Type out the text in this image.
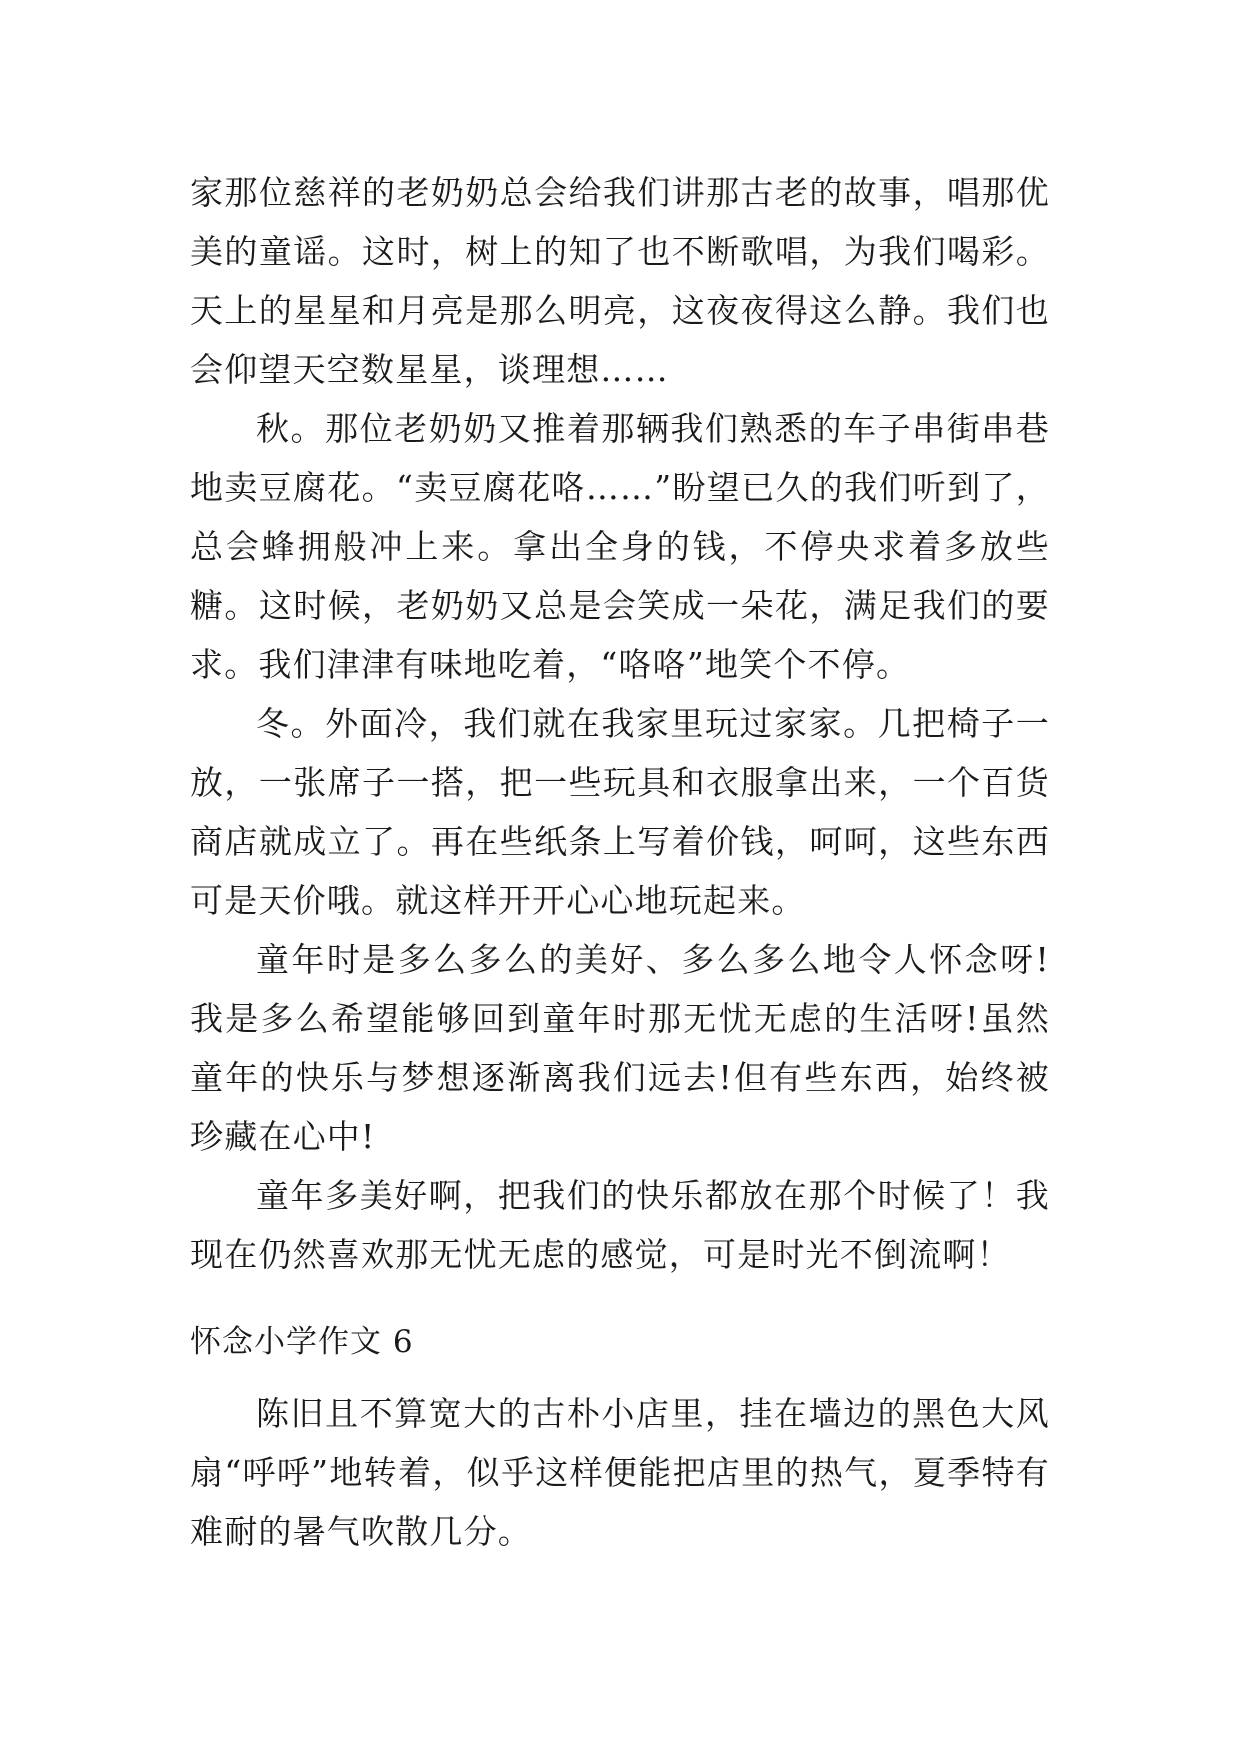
家那位慈祥的老奶奶总会给我们讲那古老的故事，唱那优美的童谣。这时，树上的知了也不断歌唱，为我们喝彩。天上的星星和月亮是那么明亮，这夜夜得这么静。我们也会仰望天空数星星，谈理想……

秋。那位老奶奶又推着那辆我们熟悉的车子串街串巷地卖豆腐花。“卖豆腐花咯……”盼望已久的我们听到了，总会蜂拥般冲上来。拿出全身的钱，不停央求着多放些糖。这时候，老奶奶又总是会笑成一朵花，满足我们的要求。我们津津有味地吃着，“咯咯”地笑个不停。

冬。外面冷，我们就在我家里玩过家家。几把椅子一放，一张席子一搭，把一些玩具和衣服拿出来，一个百货商店就成立了。再在些纸条上写着价钱，呵呵，这些东西可是天价哦。就这样开开心心地玩起来。

童年时是多么多么的美好、多么多么地令人怀念呀!我是多么希望能够回到童年时那无忧无虑的生活呀!虽然童年的快乐与梦想逐渐离我们远去!但有些东西，始终被珍藏在心中!

童年多美好啊，把我们的快乐都放在那个时候了！我现在仍然喜欢那无忧无虑的感觉，可是时光不倒流啊！

怀念小学作文 6

陈旧且不算宽大的古朴小店里，挂在墙边的黑色大风扇“呼呼”地转着，似乎这样便能把店里的热气，夏季特有难耐的暑气吹散几分。
